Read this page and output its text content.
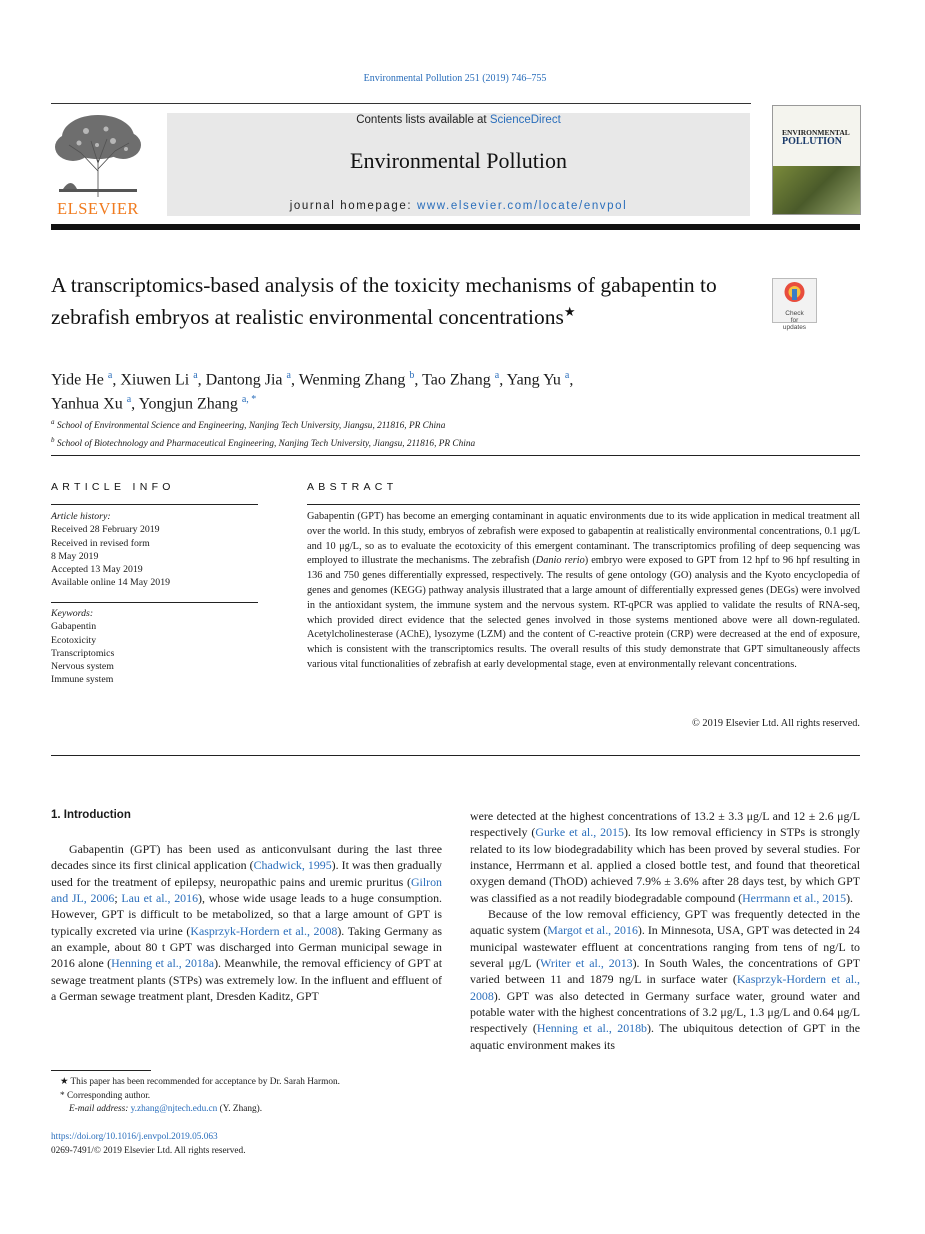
Environmental Pollution 251 (2019) 746–755
ELSEVIER
Contents lists available at ScienceDirect
Environmental Pollution
journal homepage: www.elsevier.com/locate/envpol
ENVIRONMENTAL
POLLUTION
A transcriptomics-based analysis of the toxicity mechanisms of gabapentin to zebrafish embryos at realistic environmental concentrations★	Check for updates
Yide He $^a$, Xiuwen Li $^a$, Dantong Jia $^a$, Wenming Zhang $^b$, Tao Zhang $^a$, Yang Yu $^a$,
Yanhua Xu $^a$, Yongjun Zhang $^{a, *}$
$^a$ School of Environmental Science and Engineering, Nanjing Tech University, Jiangsu, 211816, PR China
$^b$ School of Biotechnology and Pharmaceutical Engineering, Nanjing Tech University, Jiangsu, 211816, PR China
ARTICLE INFO	ABSTRACT
Article history:
Received 28 February 2019
Received in revised form
8 May 2019
Accepted 13 May 2019
Available online 14 May 2019
Keywords:
Gabapentin
Ecotoxicity
Transcriptomics
Nervous system
Immune system
Gabapentin (GPT) has become an emerging contaminant in aquatic environments due to its wide application in medical treatment all over the world. In this study, embryos of zebrafish were exposed to gabapentin at realistically environmental concentrations, 0.1 μg/L and 10 μg/L, so as to evaluate the ecotoxicity of this emergent contaminant. The transcriptomics profiling of deep sequencing was employed to illustrate the mechanisms. The zebrafish (Danio rerio) embryo were exposed to GPT from 12 hpf to 96 hpf resulting in 136 and 750 genes differentially expressed, respectively. The results of gene ontology (GO) analysis and the Kyoto encyclopedia of genes and genomes (KEGG) pathway analysis illustrated that a large amount of differentially expressed genes (DEGs) were involved in the antioxidant system, the immune system and the nervous system. RT-qPCR was applied to validate the results of RNA-seq, which provided direct evidence that the selected genes involved in those systems mentioned above were all down-regulated. Acetylcholinesterase (AChE), lysozyme (LZM) and the content of C-reactive protein (CRP) were decreased at the end of exposure, which is consistent with the transcriptomics results. The overall results of this study demonstrate that GPT simultaneously affects various vital functionalities of zebrafish at early developmental stage, even at environmentally relevant concentrations.
© 2019 Elsevier Ltd. All rights reserved.
1. Introduction

Gabapentin (GPT) has been used as anticonvulsant during the last three decades since its first clinical application (Chadwick, 1995). It was then gradually used for the treatment of epilepsy, neuropathic pains and uremic pruritus (Gilron and JL, 2006; Lau et al., 2016), whose wide usage leads to a huge consumption. However, GPT is difficult to be metabolized, so that a large amount of GPT is typically excreted via urine (Kasprzyk-Hordern et al., 2008). Taking Germany as an example, about 80 t GPT was discharged into German municipal sewage in 2016 alone (Henning et al., 2018a). Meanwhile, the removal efficiency of GPT at sewage treatment plants (STPs) was extremely low. In the influent and effluent of a German sewage treatment plant, Dresden Kaditz, GPT

were detected at the highest concentrations of 13.2 ± 3.3 μg/L and 12 ± 2.6 μg/L respectively (Gurke et al., 2015). Its low removal efficiency in STPs is strongly related to its low biodegradability which has been proved by several studies. For instance, Herrmann et al. applied a closed bottle test, and found that theoretical oxygen demand (ThOD) achieved 7.9% ± 3.6% after 28 days test, by which GPT was classified as a not readily biodegradable compound (Herrmann et al., 2015).

Because of the low removal efficiency, GPT was frequently detected in the aquatic system (Margot et al., 2016). In Minnesota, USA, GPT was detected in 24 municipal wastewater effluent at concentrations ranging from tens of ng/L to several μg/L (Writer et al., 2013). In South Wales, the concentrations of GPT varied between 11 and 1879 ng/L in surface water (Kasprzyk-Hordern et al., 2008). GPT was also detected in Germany surface water, ground water and potable water with the highest concentrations of 3.2 μg/L, 1.3 μg/L and 0.64 μg/L respectively (Henning et al., 2018b). The ubiquitous detection of GPT in the aquatic environment makes its

★ This paper has been recommended for acceptance by Dr. Sarah Harmon.
* Corresponding author.
E-mail address: y.zhang@njtech.edu.cn (Y. Zhang).
https://doi.org/10.1016/j.envpol.2019.05.063
0269-7491/© 2019 Elsevier Ltd. All rights reserved.
